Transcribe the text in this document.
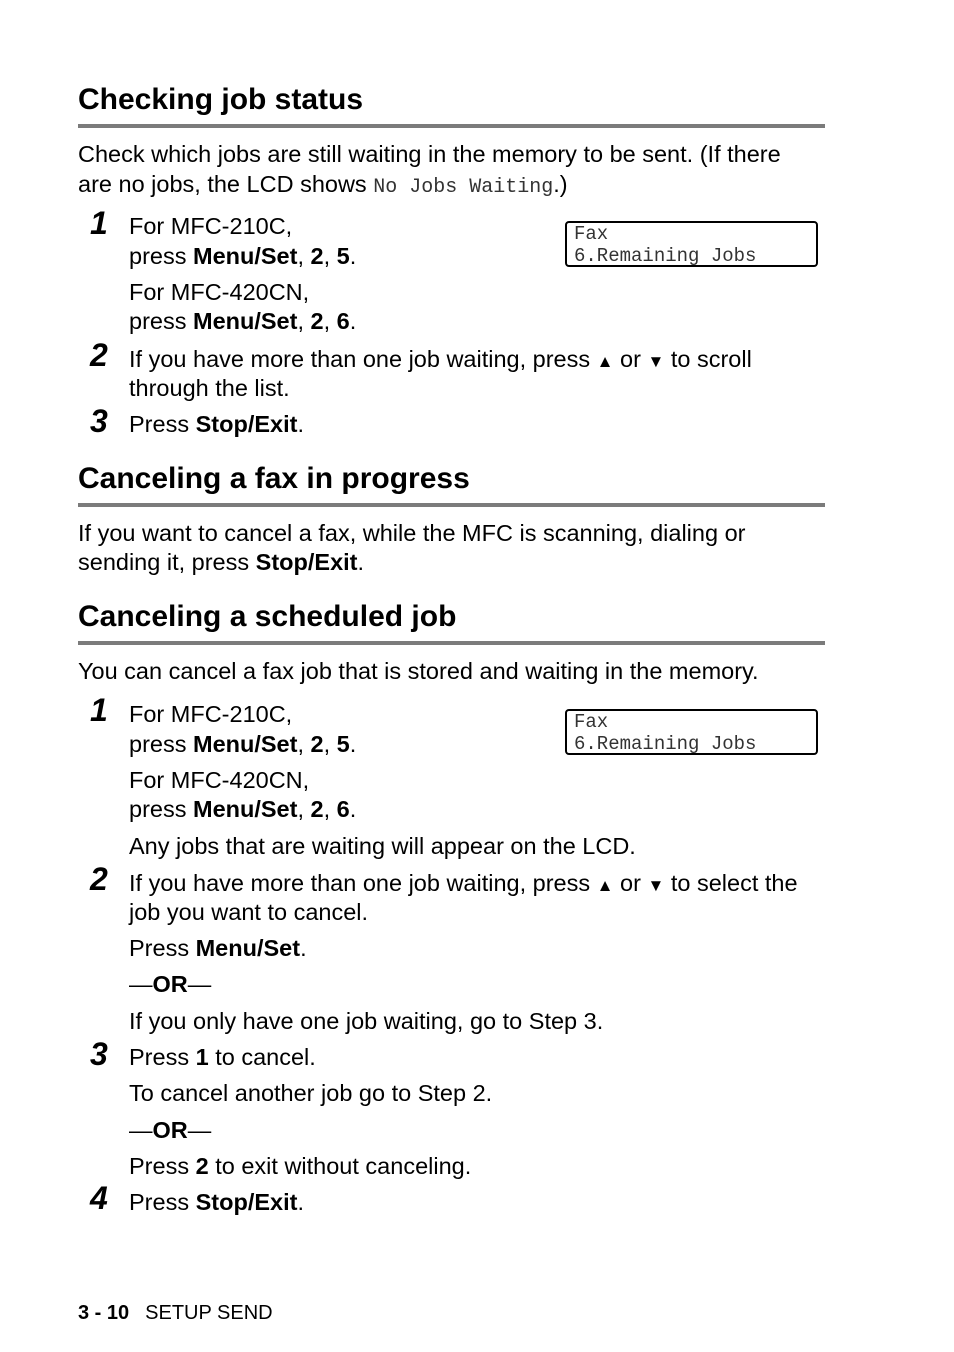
Checking job status
Check which jobs are still waiting in the memory to be sent. (If there
are no jobs, the LCD shows No Jobs Waiting.)
1 For MFC-210C,
press Menu/Set, 2, 5.
For MFC-420CN,
press Menu/Set, 2, 6.
Fax
6.Remaining Jobs
2 If you have more than one job waiting, press ▲ or ▼ to scroll
through the list.
3 Press Stop/Exit.
Canceling a fax in progress
If you want to cancel a fax, while the MFC is scanning, dialing or
sending it, press Stop/Exit.
Canceling a scheduled job
You can cancel a fax job that is stored and waiting in the memory.
1 For MFC-210C,
press Menu/Set, 2, 5.
For MFC-420CN,
press Menu/Set, 2, 6.
Any jobs that are waiting will appear on the LCD.
Fax
6.Remaining Jobs
2 If you have more than one job waiting, press ▲ or ▼ to select the
job you want to cancel.
Press Menu/Set.
—OR—
If you only have one job waiting, go to Step 3.
3 Press 1 to cancel.
To cancel another job go to Step 2.
—OR—
Press 2 to exit without canceling.
4 Press Stop/Exit.
3 - 10 SETUP SEND
